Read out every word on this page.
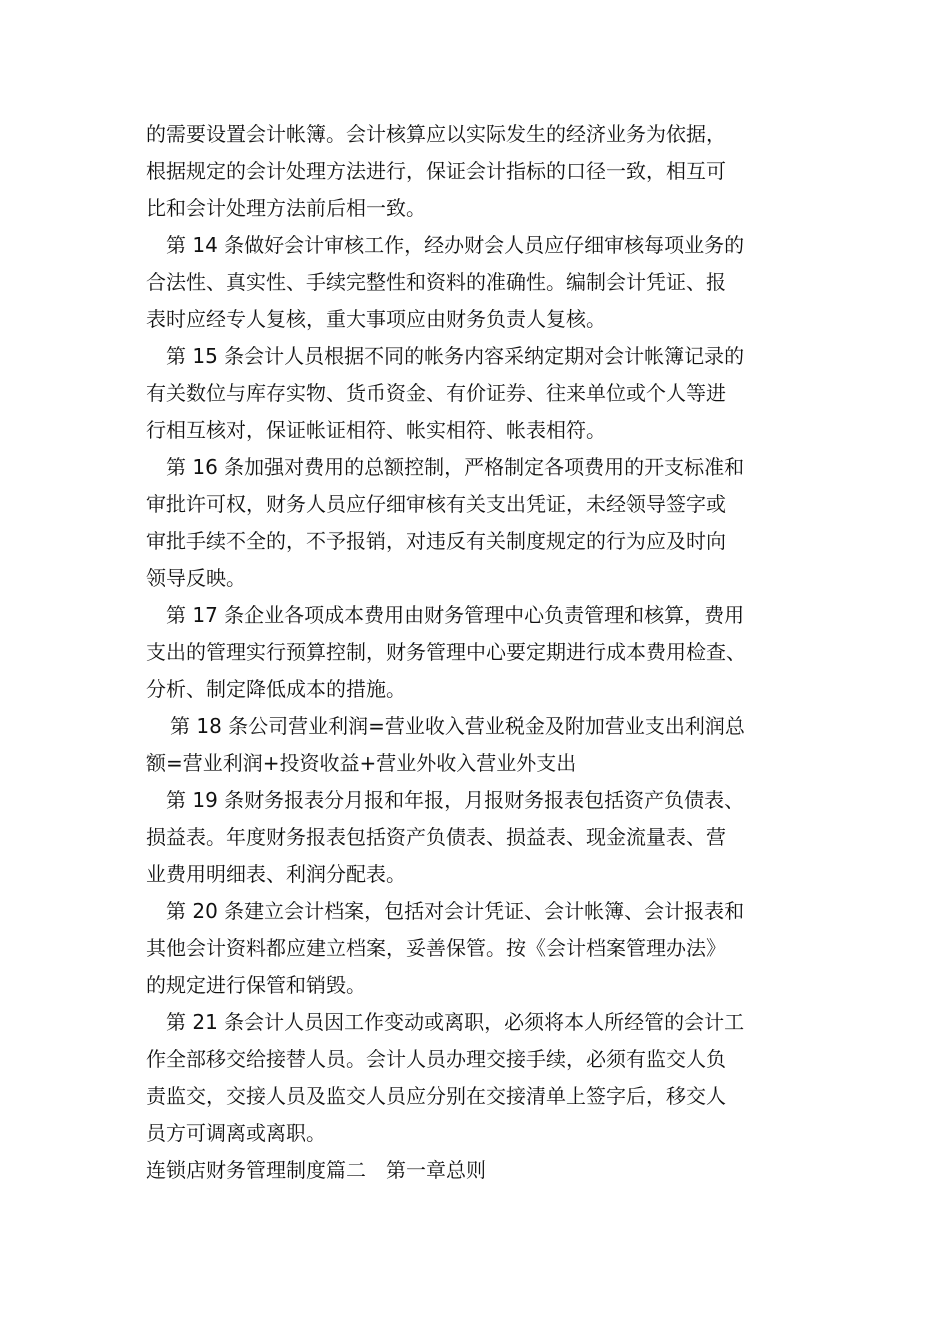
的需要设置会计帐簿。会计核算应以实际发生的经济业务为依据，
根据规定的会计处理方法进行，保证会计指标的口径一致，相互可
比和会计处理方法前后相一致。
第 14 条做好会计审核工作，经办财会人员应仔细审核每项业务的
合法性、真实性、手续完整性和资料的准确性。编制会计凭证、报
表时应经专人复核，重大事项应由财务负责人复核。
第 15 条会计人员根据不同的帐务内容采纳定期对会计帐簿记录的
有关数位与库存实物、货币资金、有价证券、往来单位或个人等进
行相互核对，保证帐证相符、帐实相符、帐表相符。
第 16 条加强对费用的总额控制，严格制定各项费用的开支标准和
审批许可权，财务人员应仔细审核有关支出凭证，未经领导签字或
审批手续不全的，不予报销，对违反有关制度规定的行为应及时向
领导反映。
第 17 条企业各项成本费用由财务管理中心负责管理和核算，费用
支出的管理实行预算控制，财务管理中心要定期进行成本费用检查、
分析、制定降低成本的措施。
第 18 条公司营业利润=营业收入营业税金及附加营业支出利润总
额=营业利润+投资收益+营业外收入营业外支出
第 19 条财务报表分月报和年报，月报财务报表包括资产负债表、
损益表。年度财务报表包括资产负债表、损益表、现金流量表、营
业费用明细表、利润分配表。
第 20 条建立会计档案，包括对会计凭证、会计帐簿、会计报表和
其他会计资料都应建立档案，妥善保管。按《会计档案管理办法》
的规定进行保管和销毁。
第 21 条会计人员因工作变动或离职，必须将本人所经管的会计工
作全部移交给接替人员。会计人员办理交接手续，必须有监交人负
责监交，交接人员及监交人员应分别在交接清单上签字后，移交人
员方可调离或离职。
连锁店财务管理制度篇二　第一章总则
